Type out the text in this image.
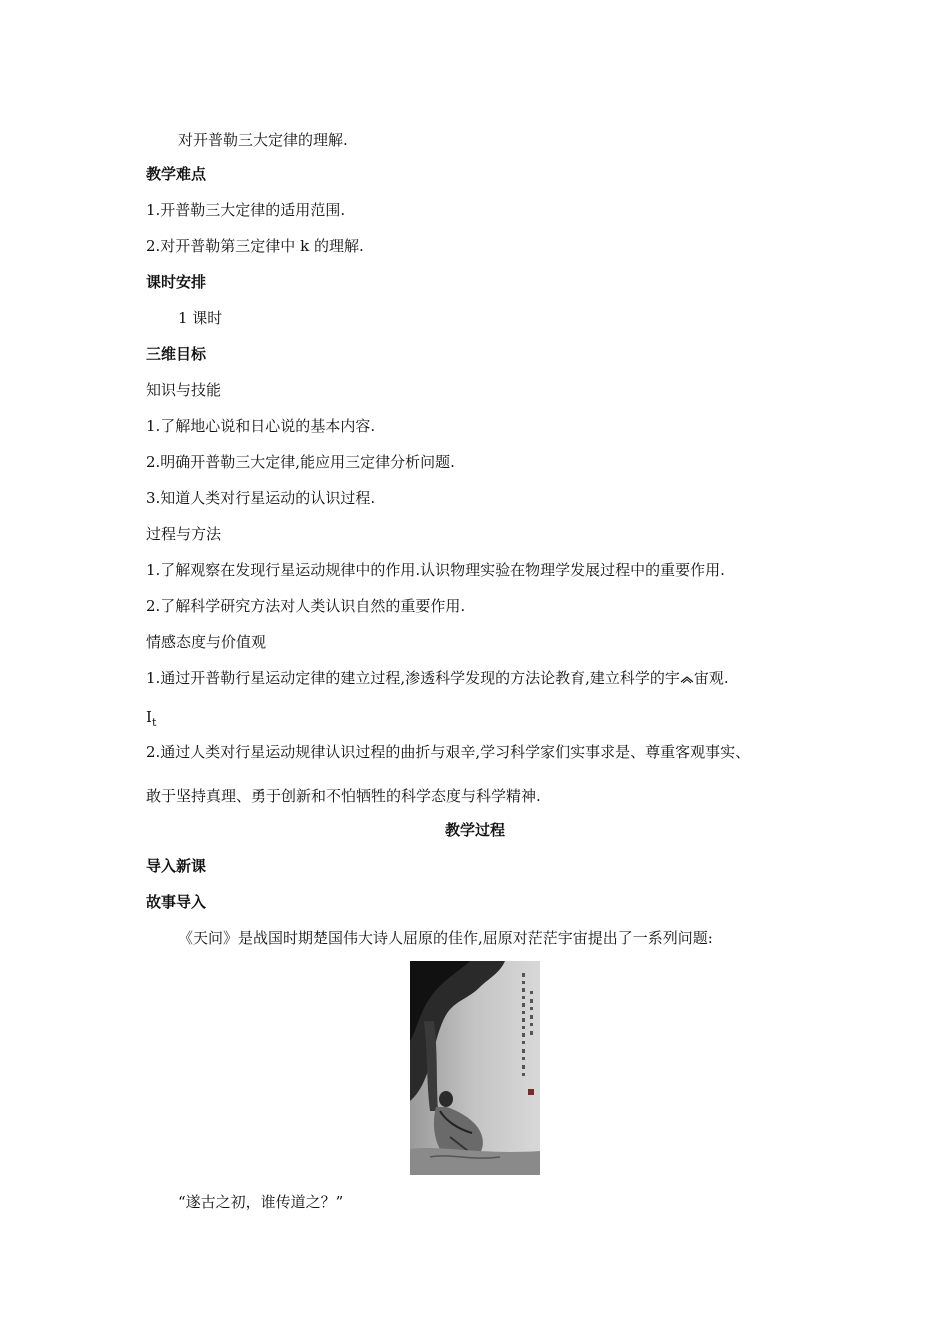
对开普勒三大定律的理解.
教学难点
1.开普勒三大定律的适用范围.
2.对开普勒第三定律中 k 的理解.
课时安排
1 课时
三维目标
知识与技能
1.了解地心说和日心说的基本内容.
2.明确开普勒三大定律,能应用三定律分析问题.
3.知道人类对行星运动的认识过程.
过程与方法
1.了解观察在发现行星运动规律中的作用.认识物理实验在物理学发展过程中的重要作用.
2.了解科学研究方法对人类认识自然的重要作用.
情感态度与价值观
1.通过开普勒行星运动定律的建立过程,渗透科学发现的方法论教育,建立科学的宇 宙观.
$I_t$
2.通过人类对行星运动规律认识过程的曲折与艰辛,学习科学家们实事求是、尊重客观事实、
敢于坚持真理、勇于创新和不怕牺牲的科学态度与科学精神.
教学过程
导入新课
故事导入
《天问》是战国时期楚国伟大诗人屈原的佳作,屈原对茫茫宇宙提出了一系列问题:
“遂古之初，谁传道之？”
